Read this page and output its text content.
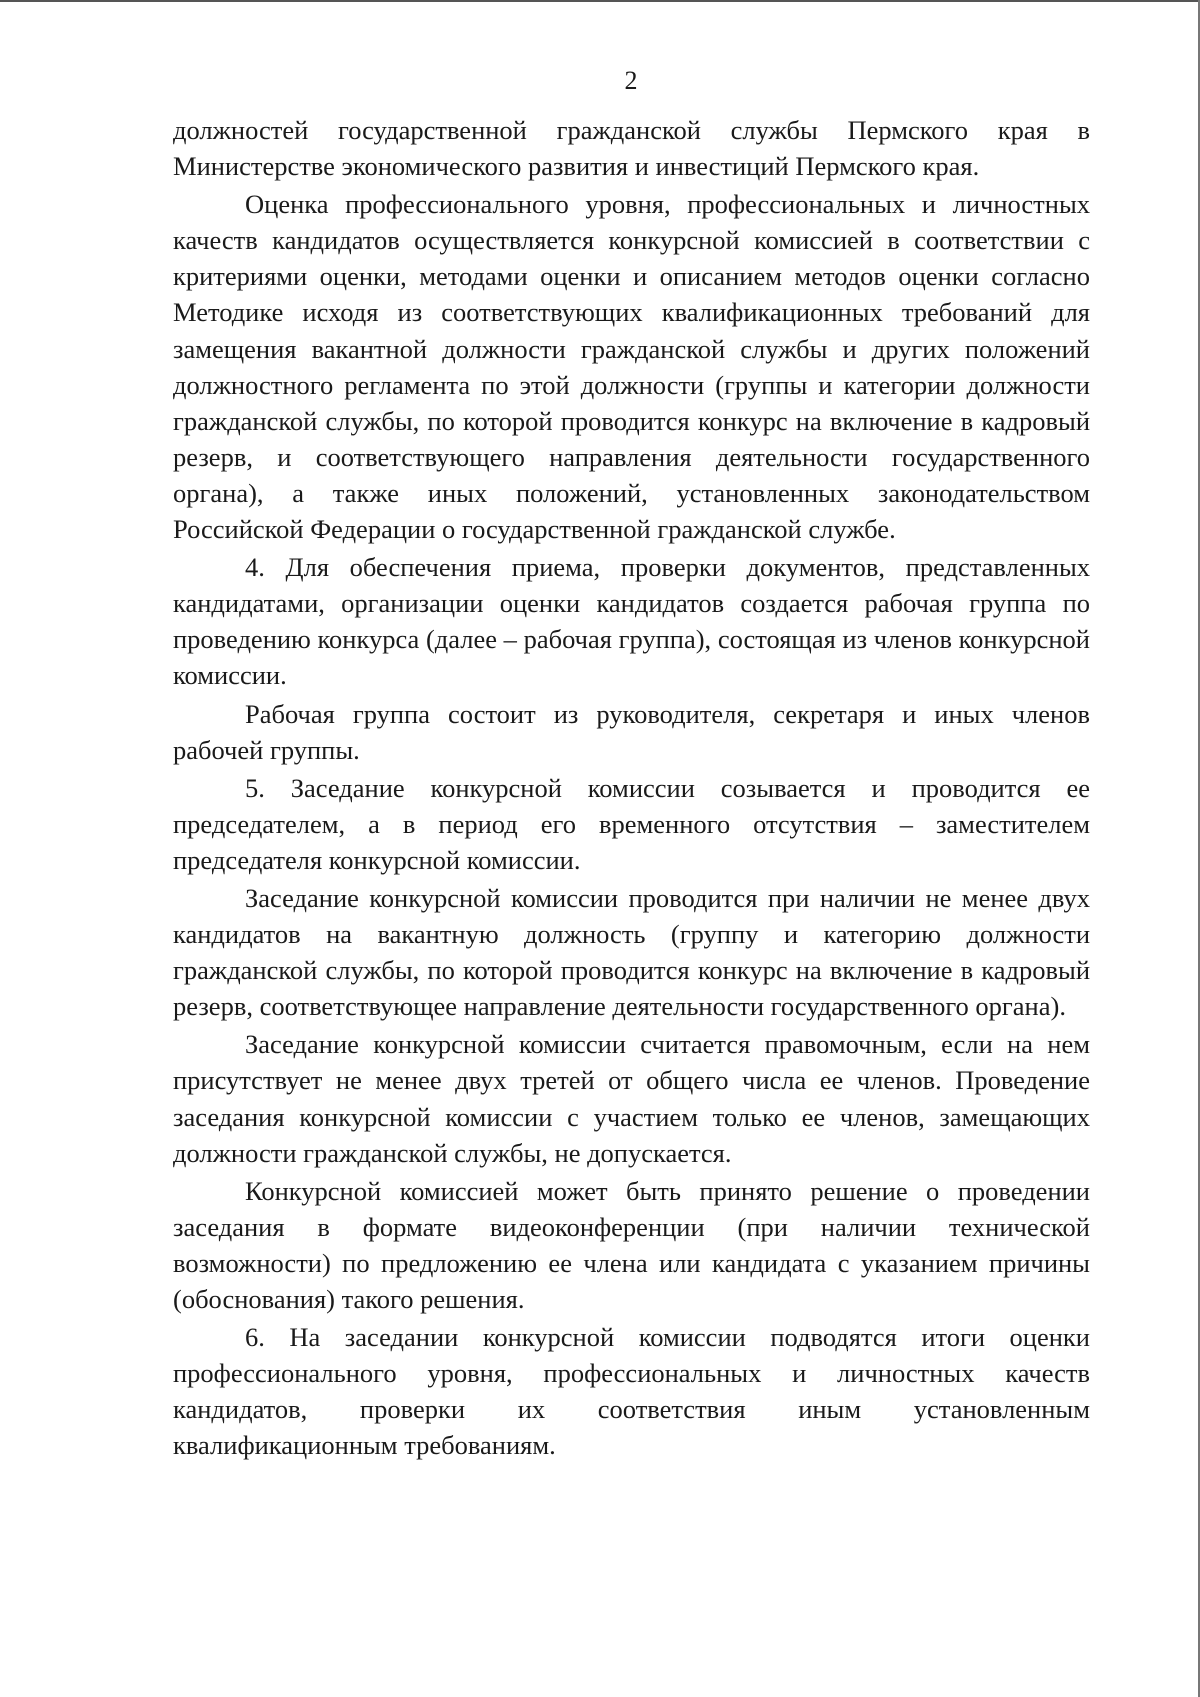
2

должностей государственной гражданской службы Пермского края в Министерстве экономического развития и инвестиций Пермского края.

Оценка профессионального уровня, профессиональных и личностных качеств кандидатов осуществляется конкурсной комиссией в соответствии с критериями оценки, методами оценки и описанием методов оценки согласно Методике исходя из соответствующих квалификационных требований для замещения вакантной должности гражданской службы и других положений должностного регламента по этой должности (группы и категории должности гражданской службы, по которой проводится конкурс на включение в кадровый резерв, и соответствующего направления деятельности государственного органа), а также иных положений, установленных законодательством Российской Федерации о государственной гражданской службе.

4. Для обеспечения приема, проверки документов, представленных кандидатами, организации оценки кандидатов создается рабочая группа по проведению конкурса (далее – рабочая группа), состоящая из членов конкурсной комиссии.

Рабочая группа состоит из руководителя, секретаря и иных членов рабочей группы.

5. Заседание конкурсной комиссии созывается и проводится ее председателем, а в период его временного отсутствия – заместителем председателя конкурсной комиссии.

Заседание конкурсной комиссии проводится при наличии не менее двух кандидатов на вакантную должность (группу и категорию должности гражданской службы, по которой проводится конкурс на включение в кадровый резерв, соответствующее направление деятельности государственного органа).

Заседание конкурсной комиссии считается правомочным, если на нем присутствует не менее двух третей от общего числа ее членов. Проведение заседания конкурсной комиссии с участием только ее членов, замещающих должности гражданской службы, не допускается.

Конкурсной комиссией может быть принято решение о проведении заседания в формате видеоконференции (при наличии технической возможности) по предложению ее члена или кандидата с указанием причины (обоснования) такого решения.

6. На заседании конкурсной комиссии подводятся итоги оценки профессионального уровня, профессиональных и личностных качеств кандидатов, проверки их соответствия иным установленным квалификационным требованиям.
